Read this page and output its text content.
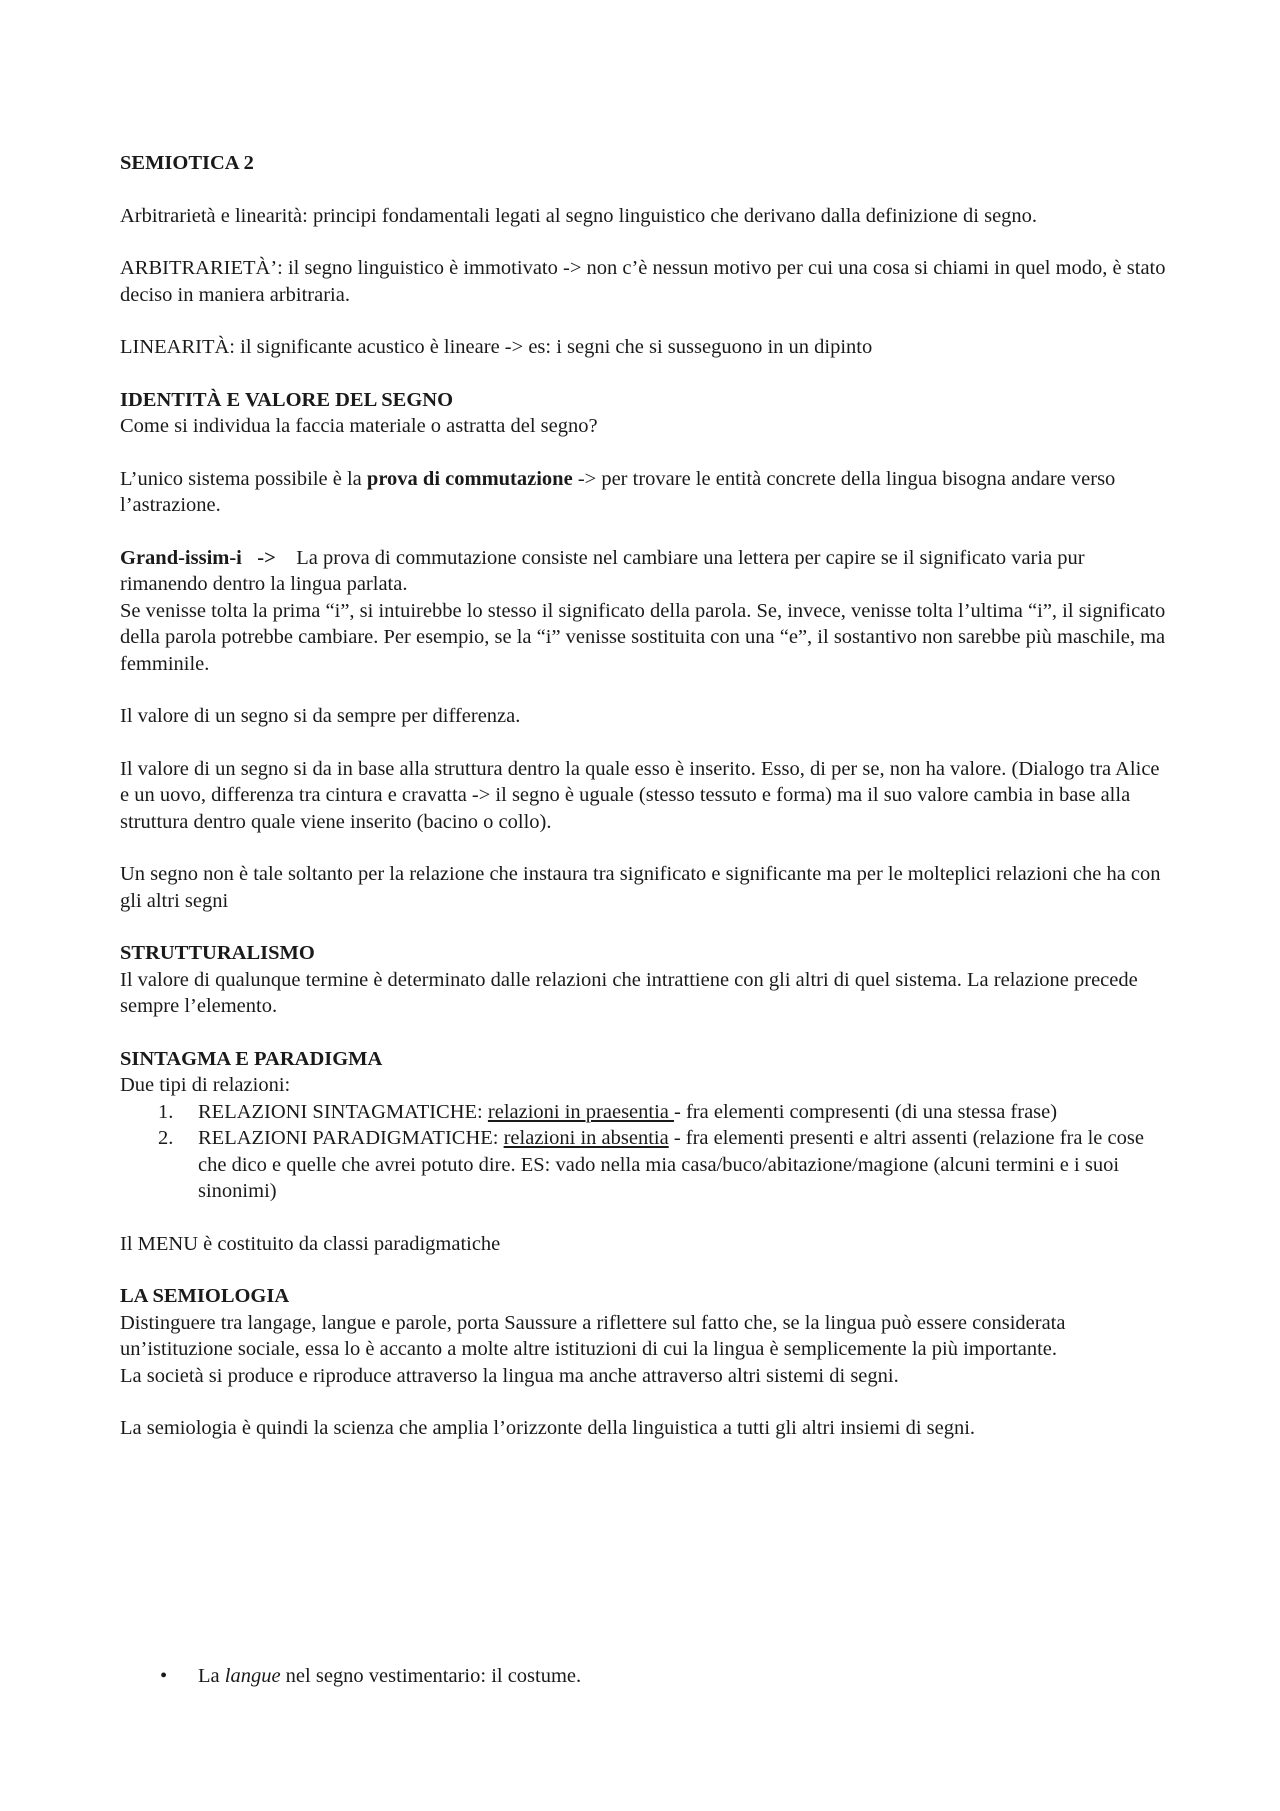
SEMIOTICA 2

Arbitrarietà e linearità: principi fondamentali legati al segno linguistico che derivano dalla definizione di segno.

ARBITRARIETÀ’: il segno linguistico è immotivato -> non c’è nessun motivo per cui una cosa si chiami in quel modo, è stato deciso in maniera arbitraria.

LINEARITÀ: il significante acustico è lineare -> es: i segni che si susseguono in un dipinto

IDENTITÀ E VALORE DEL SEGNO

Come si individua la faccia materiale o astratta del segno?

L’unico sistema possibile è la prova di commutazione -> per trovare le entità concrete della lingua bisogna andare verso l’astrazione.

Grand-issim-i   ->    La prova di commutazione consiste nel cambiare una lettera per capire se il significato varia pur rimanendo dentro la lingua parlata.

Se venisse tolta la prima “i”, si intuirebbe lo stesso il significato della parola. Se, invece, venisse tolta l’ultima “i”, il significato della parola potrebbe cambiare. Per esempio, se la “i” venisse sostituita con una “e”, il sostantivo non sarebbe più maschile, ma femminile.

Il valore di un segno si da sempre per differenza.

Il valore di un segno si da in base alla struttura dentro la quale esso è inserito. Esso, di per se, non ha valore. (Dialogo tra Alice e un uovo, differenza tra cintura e cravatta -> il segno è uguale (stesso tessuto e forma) ma il suo valore cambia in base alla struttura dentro quale viene inserito (bacino o collo).

Un segno non è tale soltanto per la relazione che instaura tra significato e significante ma per le molteplici relazioni che ha con gli altri segni

STRUTTURALISMO

Il valore di qualunque termine è determinato dalle relazioni che intrattiene con gli altri di quel sistema. La relazione precede sempre l’elemento.

SINTAGMA E PARADIGMA

Due tipi di relazioni:

1. RELAZIONI SINTAGMATICHE: relazioni in praesentia - fra elementi compresenti (di una stessa frase)
2. RELAZIONI PARADIGMATICHE: relazioni in absentia - fra elementi presenti e altri assenti (relazione fra le cose che dico e quelle che avrei potuto dire. ES: vado nella mia casa/buco/abitazione/magione (alcuni termini e i suoi sinonimi)

Il MENU è costituito da classi paradigmatiche

LA SEMIOLOGIA

Distinguere tra langage, langue e parole, porta Saussure a riflettere sul fatto che, se la lingua può essere considerata un’istituzione sociale, essa lo è accanto a molte altre istituzioni di cui la lingua è semplicemente la più importante.

La società si produce e riproduce attraverso la lingua ma anche attraverso altri sistemi di segni.

La semiologia è quindi la scienza che amplia l’orizzonte della linguistica a tutti gli altri insiemi di segni.

•	La langue nel segno vestimentario: il costume.
